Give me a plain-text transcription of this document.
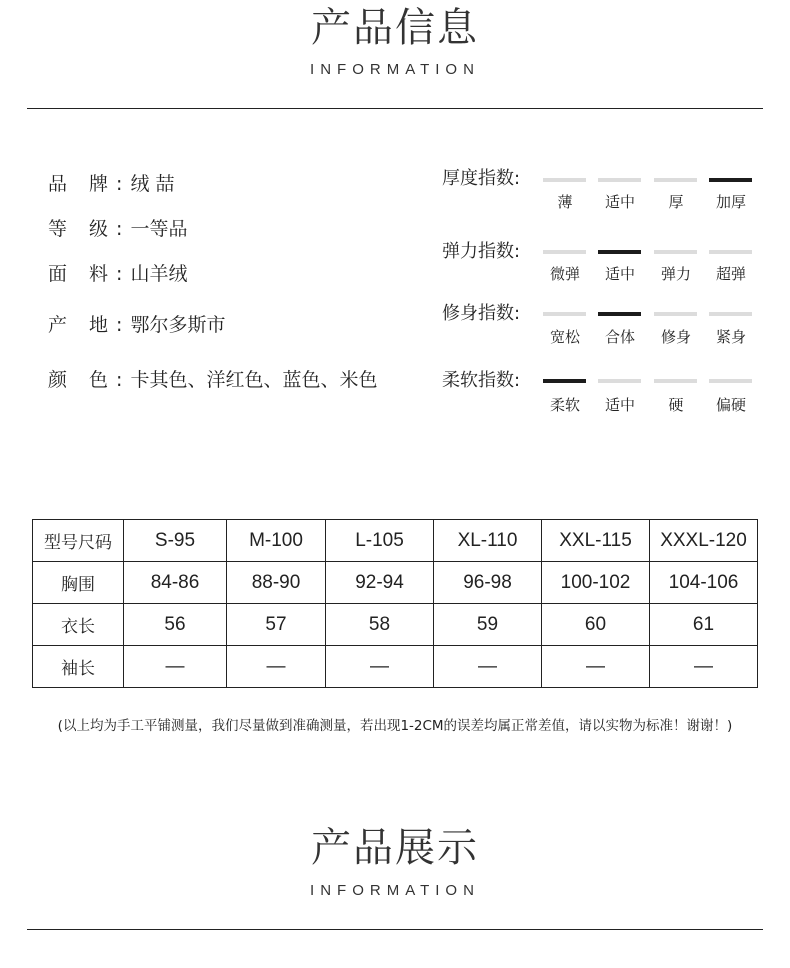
产品信息
INFORMATION
品 牌:绒 喆
等 级:一等品
面 料:山羊绒
产 地:鄂尔多斯市
颜 色:卡其色、洋红色、蓝色、米色
厚度指数:
薄	适中	厚	加厚
弹力指数:
微弹	适中	弹力	超弹
修身指数:
宽松	合体	修身	紧身
柔软指数:
柔软	适中	硬	偏硬
型号尺码	S-95	M-100	L-105	XL-110	XXL-115	XXXL-120
胸围	84-86	88-90	92-94	96-98	100-102	104-106
衣长	56	57	58	59	60	61
袖长	—	—	—	—	—	—
(以上均为手工平铺测量，我们尽量做到准确测量，若出现1-2CM的误差均属正常差值，请以实物为标准！谢谢！)
产品展示
INFORMATION
